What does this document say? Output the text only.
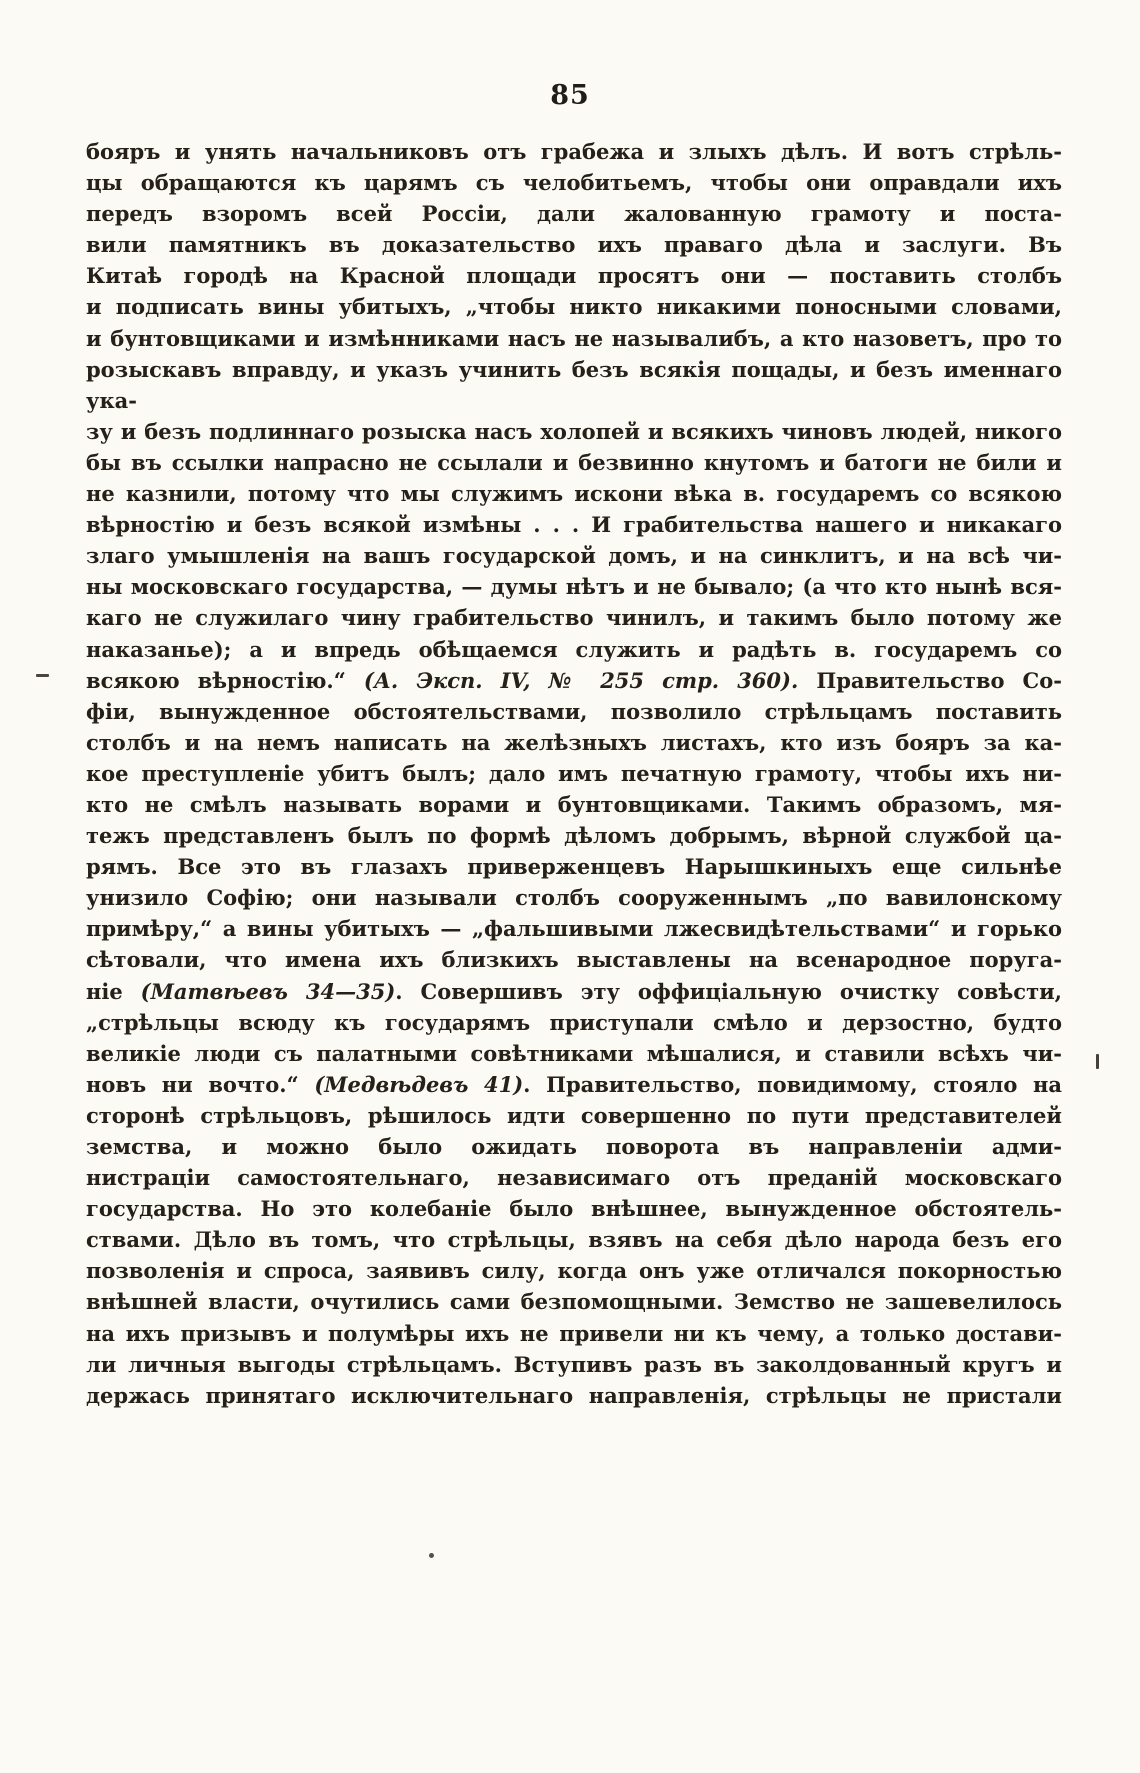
85
бояръ и унять начальниковъ отъ грабежа и злыхъ дѣлъ. И вотъ стрѣль-
цы обращаются къ царямъ съ челобитьемъ, чтобы они оправдали ихъ
передъ взоромъ всей Россіи, дали жалованную грамоту и поста-
вили памятникъ въ доказательство ихъ праваго дѣла и заслуги. Въ
Китаѣ городѣ на Красной площади просятъ они — поставить столбъ
и подписать вины убитыхъ, „чтобы никто никакими поносными словами,
и бунтовщиками и измѣнниками насъ не называлибъ, а кто назоветъ, про то
розыскавъ вправду, и указъ учинить безъ всякія пощады, и безъ именнаго ука-
зу и безъ подлиннаго розыска насъ холопей и всякихъ чиновъ людей, никого
бы въ ссылки напрасно не ссылали и безвинно кнутомъ и батоги не били и
не казнили, потому что мы служимъ искони вѣка в. государемъ со всякою
вѣрностію и безъ всякой измѣны . . . И грабительства нашего и никакаго
злаго умышленія на вашъ государской домъ, и на синклитъ, и на всѣ чи-
ны московскаго государства, — думы нѣтъ и не бывало; (а что кто нынѣ вся-
каго не служилаго чину грабительство чинилъ, и такимъ было потому же
наказанье); а и впредь обѣщаемся служить и радѣть в. государемъ со
всякою вѣрностію.“ (А. Эксп. IV, № 255 стр. 360). Правительство Со-
фіи, вынужденное обстоятельствами, позволило стрѣльцамъ поставить
столбъ и на немъ написать на желѣзныхъ листахъ, кто изъ бояръ за ка-
кое преступленіе убитъ былъ; дало имъ печатную грамоту, чтобы ихъ ни-
кто не смѣлъ называть ворами и бунтовщиками. Такимъ образомъ, мя-
тежъ представленъ былъ по формѣ дѣломъ добрымъ, вѣрной службой ца-
рямъ. Все это въ глазахъ приверженцевъ Нарышкиныхъ еще сильнѣе
унизило Софію; они называли столбъ сооруженнымъ „по вавилонскому
примѣру,“ а вины убитыхъ — „фальшивыми лжесвидѣтельствами“ и горько
сѣтовали, что имена ихъ близкихъ выставлены на всенародное поруга-
ніе (Матвѣевъ 34—35). Совершивъ эту оффиціальную очистку совѣсти,
„стрѣльцы всюду къ государямъ приступали смѣло и дерзостно, будто
великіе люди съ палатными совѣтниками мѣшалися, и ставили всѣхъ чи-
новъ ни вочто.“ (Медвѣдевъ 41). Правительство, повидимому, стояло на
сторонѣ стрѣльцовъ, рѣшилось идти совершенно по пути представителей
земства, и можно было ожидать поворота въ направленіи адми-
нистраціи самостоятельнаго, независимаго отъ преданій московскаго
государства. Но это колебаніе было внѣшнее, вынужденное обстоятель-
ствами. Дѣло въ томъ, что стрѣльцы, взявъ на себя дѣло народа безъ его
позволенія и спроса, заявивъ силу, когда онъ уже отличался покорностью
внѣшней власти, очутились сами безпомощными. Земство не зашевелилось
на ихъ призывъ и полумѣры ихъ не привели ни къ чему, а только достави-
ли личныя выгоды стрѣльцамъ. Вступивъ разъ въ заколдованный кругъ и
держась принятаго исключительнаго направленія, стрѣльцы не пристали
